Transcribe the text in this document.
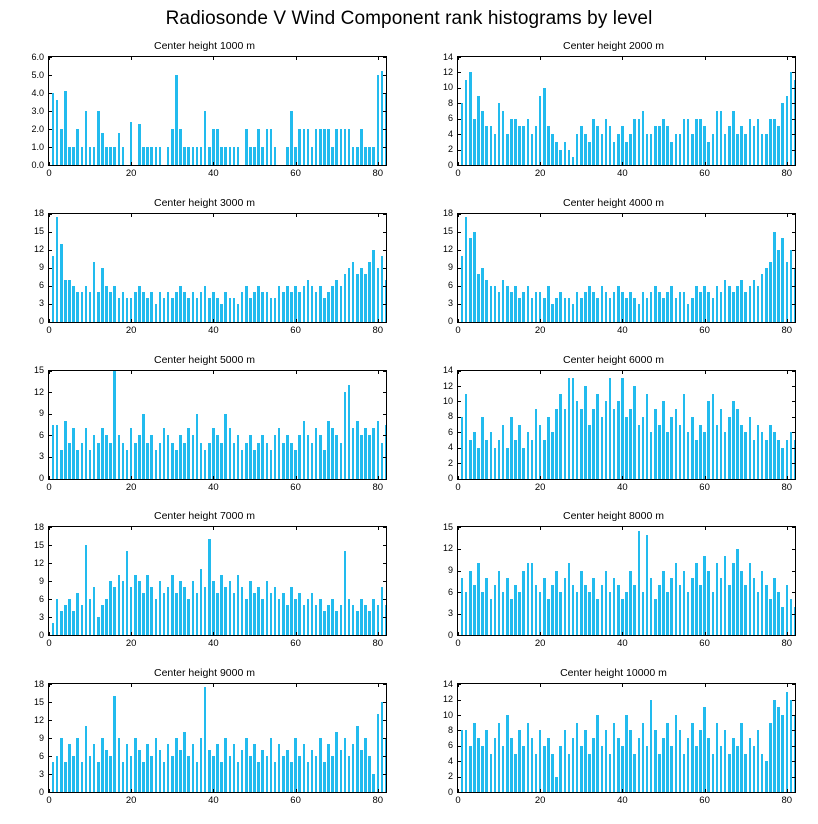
Radiosonde V Wind Component rank histograms by level
Center height 1000 m
0.0
1.0
2.0
3.0
4.0
5.0
6.0
0	20	40	60	80
Center height 2000 m
0
2
4
6
8
10
12
14
0	20	40	60	80
Center height 3000 m
0
3
6
9
12
15
18
0	20	40	60	80
Center height 4000 m
0
3
6
9
12
15
18
0	20	40	60	80
Center height 5000 m
0
3
6
9
12
15
0	20	40	60	80
Center height 6000 m
0
2
4
6
8
10
12
14
0	20	40	60	80
Center height 7000 m
0
3
6
9
12
15
18
0	20	40	60	80
Center height 8000 m
0
3
6
9
12
15
0	20	40	60	80
Center height 9000 m
0
3
6
9
12
15
18
0	20	40	60	80
Center height 10000 m
0
2
4
6
8
10
12
14
0	20	40	60	80
